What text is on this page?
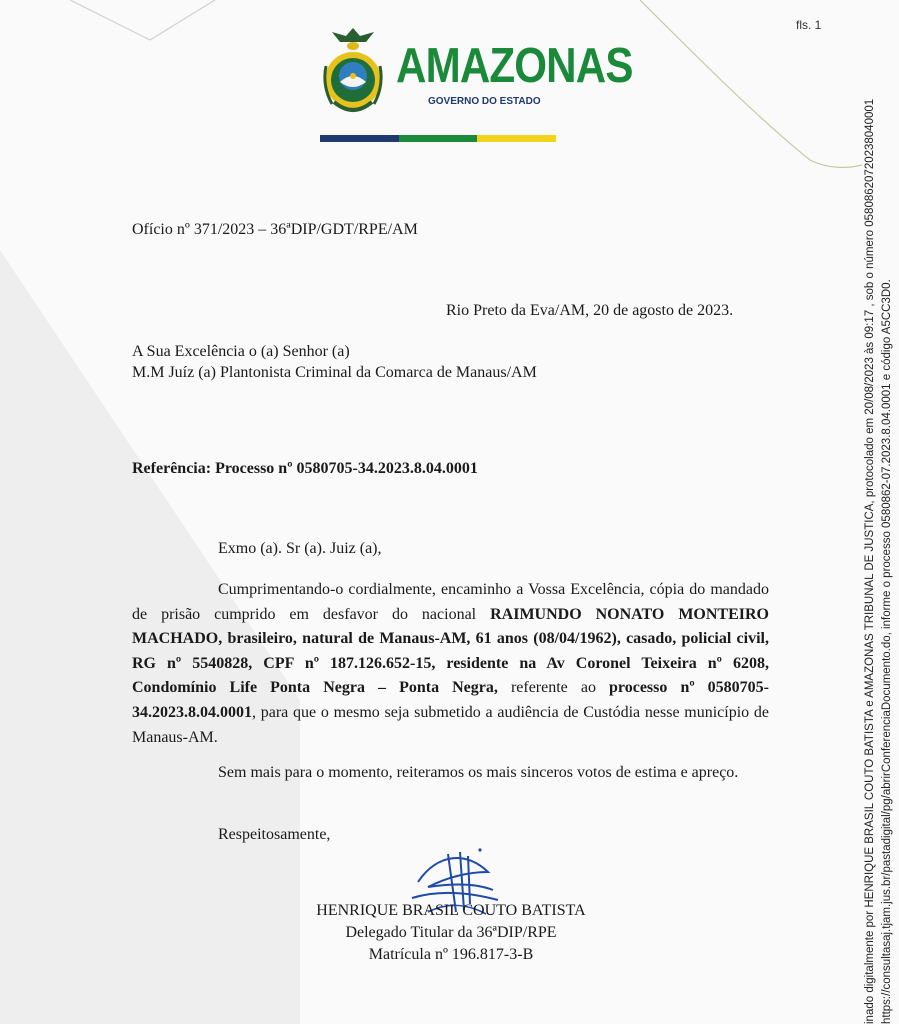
fls. 1
AMAZONAS
GOVERNO DO ESTADO
Ofício nº 371/2023 – 36ªDIP/GDT/RPE/AM
Rio Preto da Eva/AM, 20 de agosto de 2023.
A Sua Excelência o (a) Senhor (a)
M.M Juíz (a) Plantonista Criminal da Comarca de Manaus/AM
Referência: Processo nº 0580705-34.2023.8.04.0001
Exmo (a). Sr (a). Juiz (a),
Cumprimentando-o cordialmente, encaminho a Vossa Excelência, cópia do mandado de prisão cumprido em desfavor do nacional RAIMUNDO NONATO MONTEIRO MACHADO, brasileiro, natural de Manaus-AM, 61 anos (08/04/1962), casado, policial civil, RG nº 5540828, CPF nº 187.126.652-15, residente na Av Coronel Teixeira nº 6208, Condomínio Life Ponta Negra – Ponta Negra, referente ao processo nº 0580705-34.2023.8.04.0001, para que o mesmo seja submetido a audiência de Custódia nesse município de Manaus-AM.
Sem mais para o momento, reiteramos os mais sinceros votos de estima e apreço.
Respeitosamente,
HENRIQUE BRASIL COUTO BATISTA
Delegado Titular da 36ªDIP/RPE
Matrícula nº 196.817-3-B	inado digitalmente por HENRIQUE BRASIL COUTO BATISTA e AMAZONAS TRIBUNAL DE JUSTICA, protocolado em 20/08/2023 às 09:17 , sob o número 05808620720238040001 https://consultasaj.tjam.jus.br/pastadigital/pg/abrirConferenciaDocumento.do, informe o processo 0580862-07.2023.8.04.0001 e código A5CC3D0.
